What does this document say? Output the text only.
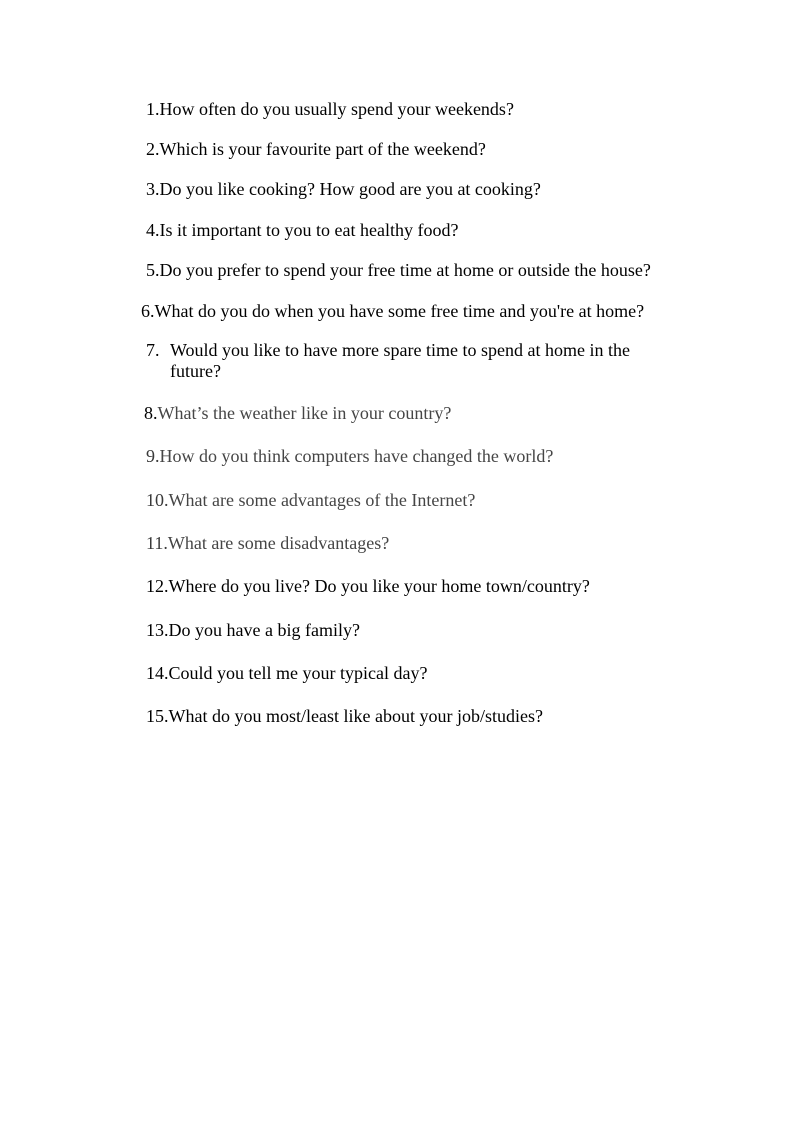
1.How often do you usually spend your weekends?

2.Which is your favourite part of the weekend?

3.Do you like cooking? How good are you at cooking?

4.Is it important to you to eat healthy food?

5.Do you prefer to spend your free time at home or outside the house?

6.What do you do when you have some free time and you're at home?

7. Would you like to have more spare time to spend at home in the future?

8.What’s the weather like in your country?

9.How do you think computers have changed the world?

10.What are some advantages of the Internet?

11.What are some disadvantages?

12.Where do you live? Do you like your home town/country?

13.Do you have a big family?

14.Could you tell me your typical day?

15.What do you most/least like about your job/studies?
